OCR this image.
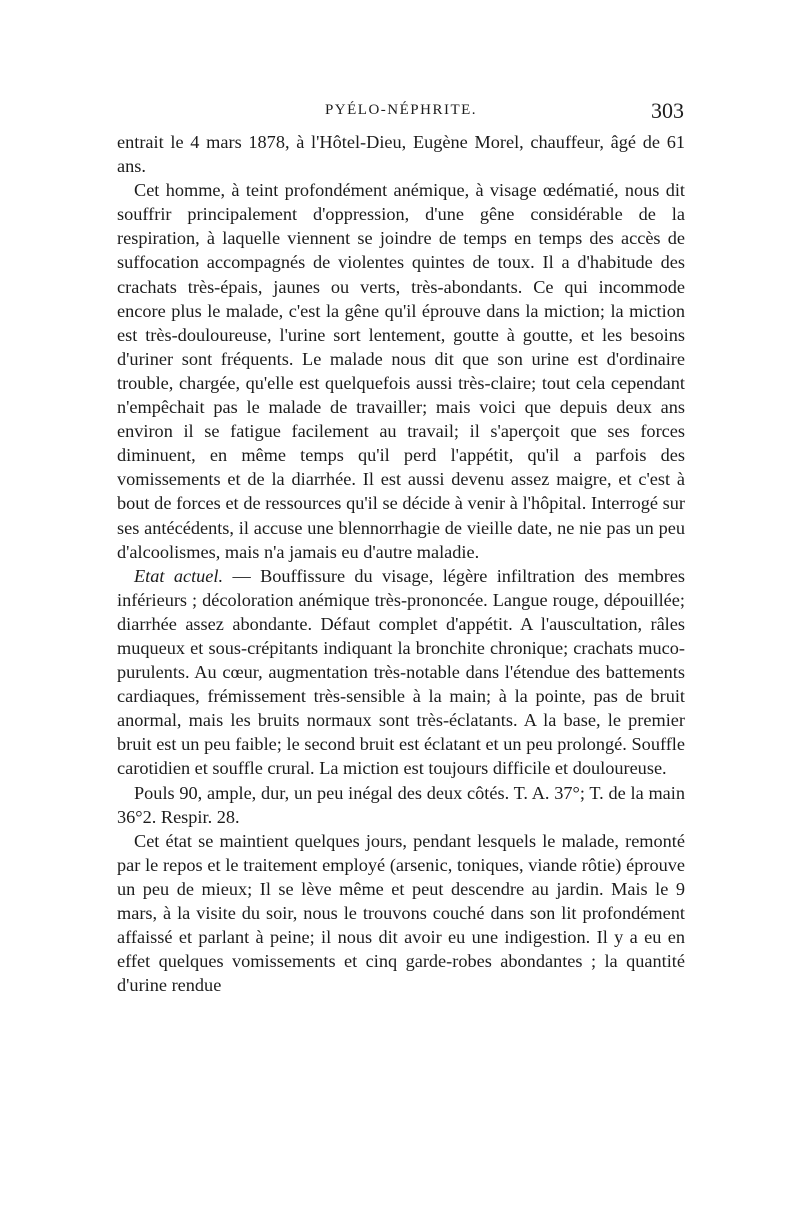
PYÉLO-NÉPHRITE.	303

entrait le 4 mars 1878, à l'Hôtel-Dieu, Eugène Morel, chauffeur, âgé de 61 ans.

Cet homme, à teint profondément anémique, à visage œdématié, nous dit souffrir principalement d'oppression, d'une gêne considérable de la respiration, à laquelle viennent se joindre de temps en temps des accès de suffocation accompagnés de violentes quintes de toux. Il a d'habitude des crachats très-épais, jaunes ou verts, très-abondants. Ce qui incommode encore plus le malade, c'est la gêne qu'il éprouve dans la miction; la miction est très-douloureuse, l'urine sort lentement, goutte à goutte, et les besoins d'uriner sont fréquents. Le malade nous dit que son urine est d'ordinaire trouble, chargée, qu'elle est quelquefois aussi très-claire; tout cela cependant n'empêchait pas le malade de travailler; mais voici que depuis deux ans environ il se fatigue facilement au travail; il s'aperçoit que ses forces diminuent, en même temps qu'il perd l'appétit, qu'il a parfois des vomissements et de la diarrhée. Il est aussi devenu assez maigre, et c'est à bout de forces et de ressources qu'il se décide à venir à l'hôpital. Interrogé sur ses antécédents, il accuse une blennorrhagie de vieille date, ne nie pas un peu d'alcoolismes, mais n'a jamais eu d'autre maladie.

Etat actuel. — Bouffissure du visage, légère infiltration des membres inférieurs ; décoloration anémique très-prononcée. Langue rouge, dépouillée; diarrhée assez abondante. Défaut complet d'appétit. A l'auscultation, râles muqueux et sous-crépitants indiquant la bronchite chronique; crachats muco-purulents. Au cœur, augmentation très-notable dans l'étendue des battements cardiaques, frémissement très-sensible à la main; à la pointe, pas de bruit anormal, mais les bruits normaux sont très-éclatants. A la base, le premier bruit est un peu faible; le second bruit est éclatant et un peu prolongé. Souffle carotidien et souffle crural. La miction est toujours difficile et douloureuse.

Pouls 90, ample, dur, un peu inégal des deux côtés. T. A. 37°; T. de la main 36°2. Respir. 28.

Cet état se maintient quelques jours, pendant lesquels le malade, remonté par le repos et le traitement employé (arsenic, toniques, viande rôtie) éprouve un peu de mieux; Il se lève même et peut descendre au jardin. Mais le 9 mars, à la visite du soir, nous le trouvons couché dans son lit profondément affaissé et parlant à peine; il nous dit avoir eu une indigestion. Il y a eu en effet quelques vomissements et cinq garde-robes abondantes ; la quantité d'urine rendue
